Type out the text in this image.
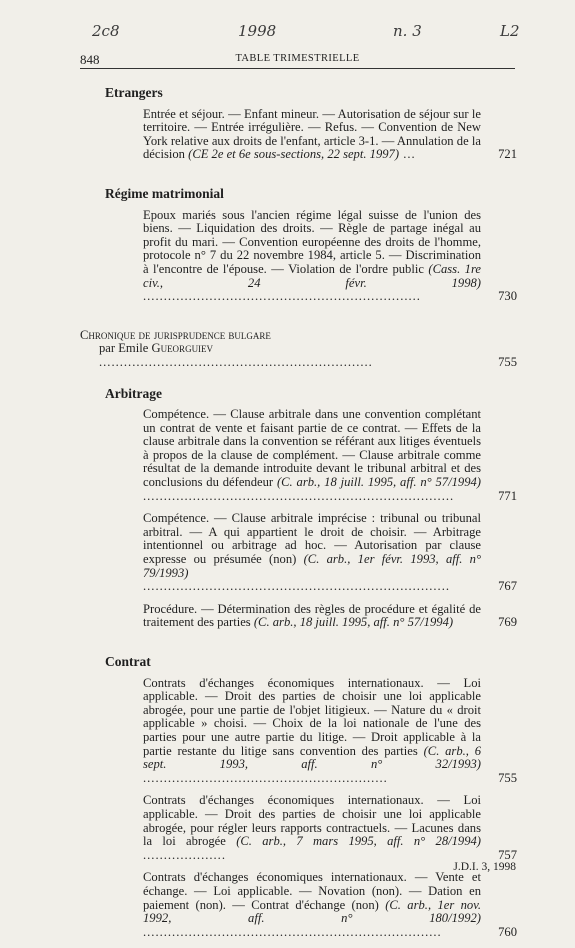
2c8	1998	n. 3	L2
848	TABLE TRIMESTRIELLE
Etrangers
Entrée et séjour. — Enfant mineur. — Autorisation de séjour sur le territoire. — Entrée irrégulière. — Refus. — Convention de New York relative aux droits de l'enfant, article 3-1. — Annulation de la décision (CE 2e et 6e sous-sections, 22 sept. 1997) ...	721
Régime matrimonial
Epoux mariés sous l'ancien régime légal suisse de l'union des biens. — Liquidation des droits. — Règle de partage inégal au profit du mari. — Convention européenne des droits de l'homme, protocole n° 7 du 22 novembre 1984, article 5. — Discrimination à l'encontre de l'épouse. — Violation de l'ordre public (Cass. 1re civ., 24 févr. 1998) ...................................................................	730
Chronique de jurisprudence bulgare
par Emile Gueorguiev ..................................................................	755
Arbitrage
Compétence. — Clause arbitrale dans une convention complétant un contrat de vente et faisant partie de ce contrat. — Effets de la clause arbitrale dans la convention se référant aux litiges éventuels à propos de la clause de complément. — Clause arbitrale comme résultat de la demande introduite devant le tribunal arbitral et des conclusions du défendeur (C. arb., 18 juill. 1995, aff. n° 57/1994) ...........................................................................	771
Compétence. — Clause arbitrale imprécise : tribunal ou tribunal arbitral. — A qui appartient le droit de choisir. — Arbitrage intentionnel ou arbitrage ad hoc. — Autorisation par clause expresse ou présumée (non) (C. arb., 1er févr. 1993, aff. n° 79/1993) ..........................................................................	767
Procédure. — Détermination des règles de procédure et égalité de traitement des parties (C. arb., 18 juill. 1995, aff. n° 57/1994)	769
Contrat
Contrats d'échanges économiques internationaux. — Loi applicable. — Droit des parties de choisir une loi applicable abrogée, pour une partie de l'objet litigieux. — Nature du « droit applicable » choisi. — Choix de la loi nationale de l'une des parties pour une autre partie du litige. — Droit applicable à la partie restante du litige sans convention des parties (C. arb., 6 sept. 1993, aff. n° 32/1993) ...........................................................	755
Contrats d'échanges économiques internationaux. — Loi applicable. — Droit des parties de choisir une loi applicable abrogée, pour régler leurs rapports contractuels. — Lacunes dans la loi abrogée (C. arb., 7 mars 1995, aff. n° 28/1994) ....................	757
Contrats d'échanges économiques internationaux. — Vente et échange. — Loi applicable. — Novation (non). — Dation en paiement (non). — Contrat d'échange (non) (C. arb., 1er nov. 1992, aff. n° 180/1992) ........................................................................	760
J.D.I. 3, 1998
